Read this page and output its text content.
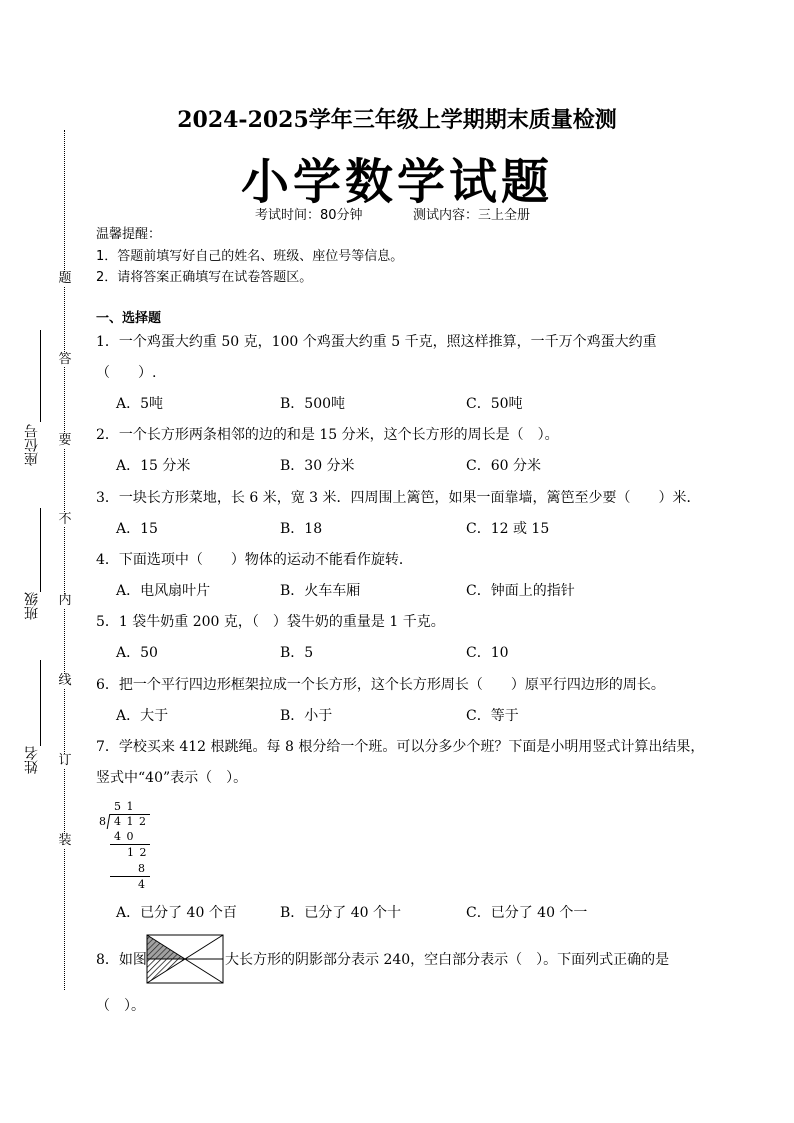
题
答
要
不
内
线
订
装
座位号
班级
姓名
2024-2025学年三年级上学期期末质量检测
小学数学试题
考试时间：80分钟	测试内容：三上全册
温馨提醒：
1．答题前填写好自己的姓名、班级、座位号等信息。
2．请将答案正确填写在试卷答题区。
一、选择题
1．一个鸡蛋大约重 50 克，100 个鸡蛋大约重 5 千克，照这样推算，一千万个鸡蛋大约重
（　　）.
A．5吨	B．500吨	C．50吨
2．一个长方形两条相邻的边的和是 15 分米，这个长方形的周长是（　）。
A．15 分米	B．30 分米	C．60 分米
3．一块长方形菜地，长 6 米，宽 3 米．四周围上篱笆，如果一面靠墙，篱笆至少要（　　）米．
A．15	B．18	C．12 或 15
4．下面选项中（　　）物体的运动不能看作旋转．
A．电风扇叶片	B．火车车厢	C．钟面上的指针
5．1 袋牛奶重 200 克，（　）袋牛奶的重量是 1 千克。
A．50	B．5	C．10
6．把一个平行四边形框架拉成一个长方形，这个长方形周长（　　）原平行四边形的周长。
A．大于	B．小于	C．等于
7．学校买来 412 根跳绳。每 8 根分给一个班。可以分多少个班？下面是小明用竖式计算出结果，
竖式中“40”表示（　）。
5 1
8 4 1 2
4 0
1 2
8
4
A．已分了 40 个百	B．已分了 40 个十	C．已分了 40 个一
8．如图	大长方形的阴影部分表示 240，空白部分表示（　）。下面列式正确的是
（　）。
